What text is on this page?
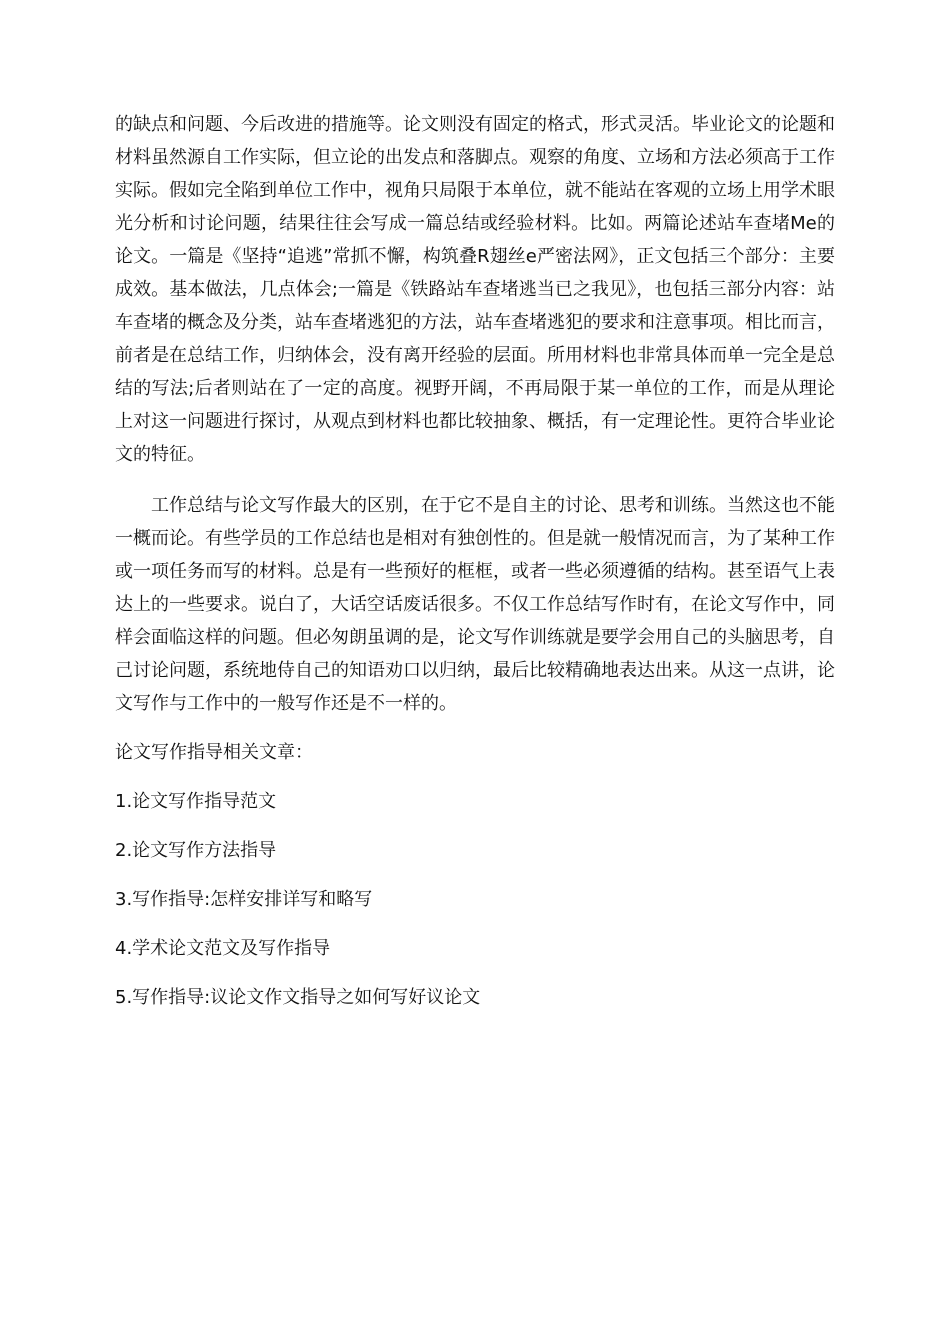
的缺点和问题、今后改进的措施等。论文则没有固定的格式，形式灵活。毕业论文的论题和材料虽然源自工作实际，但立论的出发点和落脚点。观察的角度、立场和方法必须高于工作实际。假如完全陷到单位工作中，视角只局限于本单位，就不能站在客观的立场上用学术眼光分析和讨论问题，结果往往会写成一篇总结或经验材料。比如。两篇论述站车查堵Me的论文。一篇是《坚持“追逃”常抓不懈，构筑叠R翅丝e严密法网》，正文包括三个部分：主要成效。基本做法，几点体会;一篇是《铁路站车查堵逃当已之我见》，也包括三部分内容：站车查堵的概念及分类，站车查堵逃犯的方法，站车查堵逃犯的要求和注意事项。相比而言，前者是在总结工作，归纳体会，没有离开经验的层面。所用材料也非常具体而单一完全是总结的写法;后者则站在了一定的高度。视野开阔，不再局限于某一单位的工作，而是从理论上对这一问题进行探讨，从观点到材料也都比较抽象、概括，有一定理论性。更符合毕业论文的特征。

工作总结与论文写作最大的区别，在于它不是自主的讨论、思考和训练。当然这也不能一概而论。有些学员的工作总结也是相对有独创性的。但是就一般情况而言，为了某种工作或一项任务而写的材料。总是有一些预好的框框，或者一些必须遵循的结构。甚至语气上表达上的一些要求。说白了，大话空话废话很多。不仅工作总结写作时有，在论文写作中，同样会面临这样的问题。但必匆朗虽调的是，论文写作训练就是要学会用自己的头脑思考，自己讨论问题，系统地侍自己的知语劝口以归纳，最后比较精确地表达出来。从这一点讲，论文写作与工作中的一般写作还是不一样的。

论文写作指导相关文章：

1.论文写作指导范文
2.论文写作方法指导
3.写作指导:怎样安排详写和略写
4.学术论文范文及写作指导
5.写作指导:议论文作文指导之如何写好议论文
